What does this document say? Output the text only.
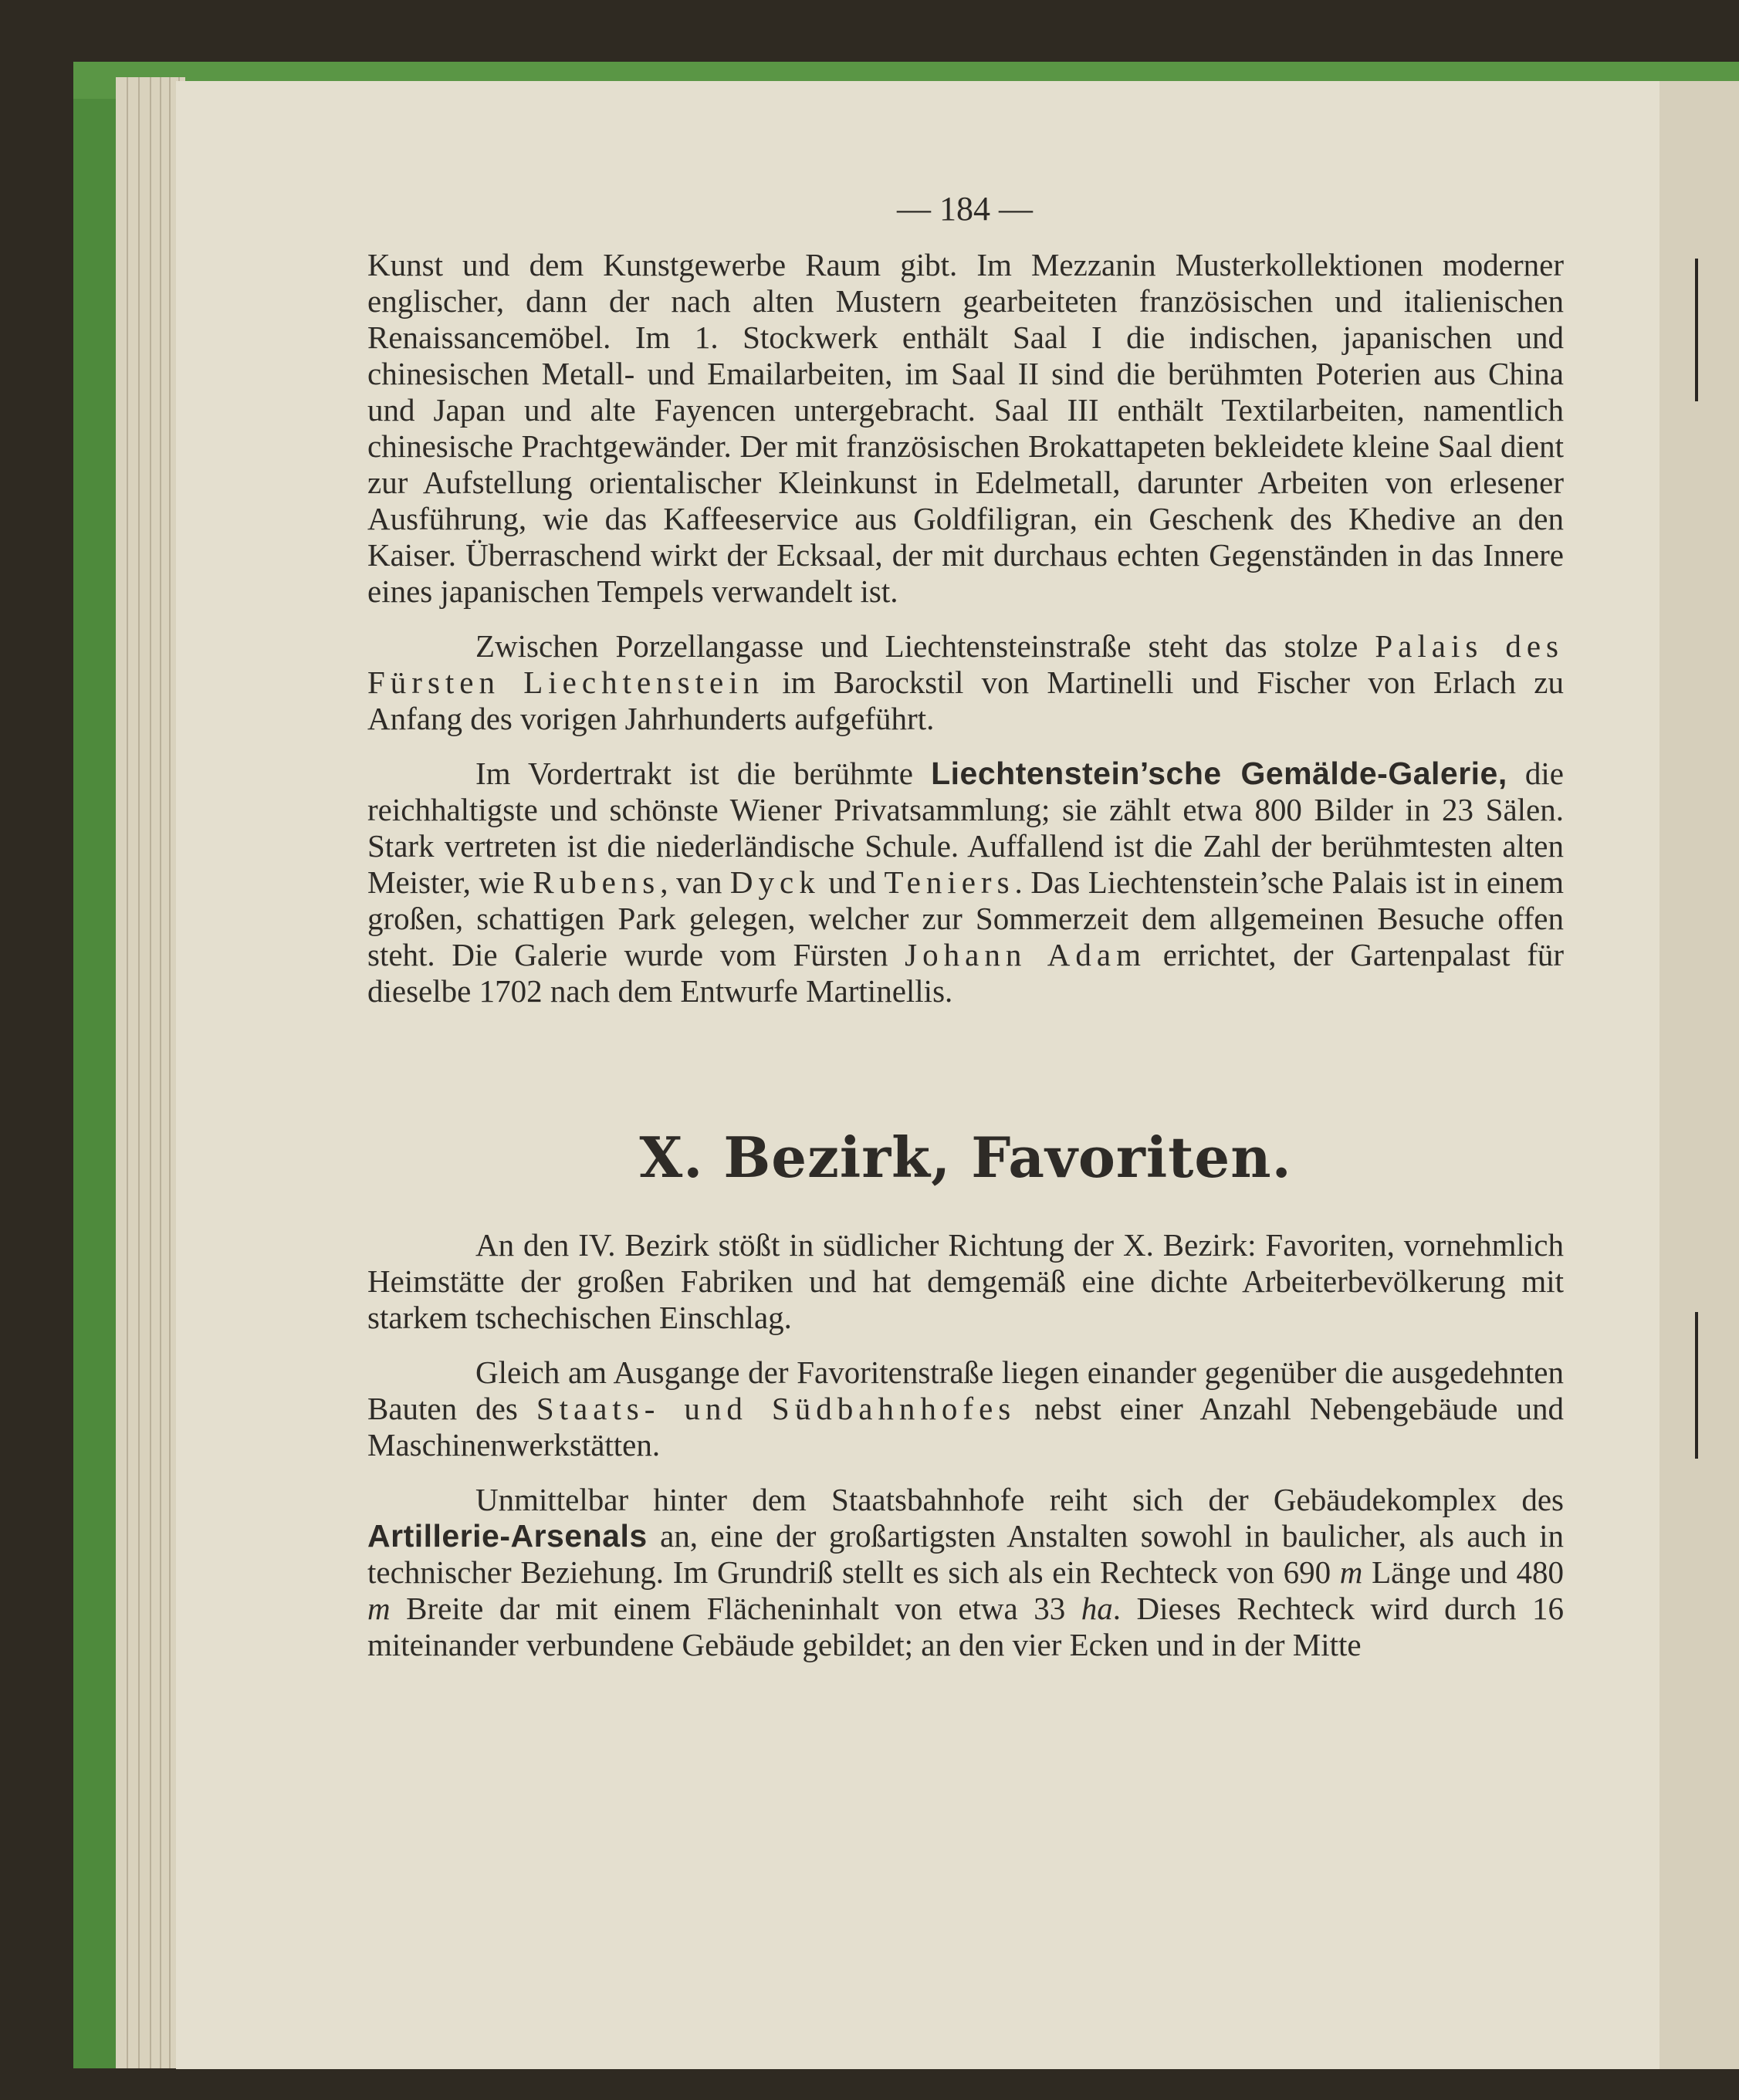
— 184 —

Kunst und dem Kunstgewerbe Raum gibt. Im Mezzanin Musterkollektionen moderner englischer, dann der nach alten Mustern gearbeiteten französischen und italienischen Renaissancemöbel. Im 1. Stockwerk enthält Saal I die indischen, japanischen und chinesischen Metall- und Emailarbeiten, im Saal II sind die berühmten Poterien aus China und Japan und alte Fayencen untergebracht. Saal III enthält Textilarbeiten, namentlich chinesische Prachtgewänder. Der mit französischen Brokattapeten bekleidete kleine Saal dient zur Aufstellung orientalischer Kleinkunst in Edelmetall, darunter Arbeiten von erlesener Ausführung, wie das Kaffeeservice aus Goldfiligran, ein Geschenk des Khedive an den Kaiser. Überraschend wirkt der Ecksaal, der mit durchaus echten Gegenständen in das Innere eines japanischen Tempels verwandelt ist.

Zwischen Porzellangasse und Liechtensteinstraße steht das stolze Palais des Fürsten Liechtenstein im Barockstil von Martinelli und Fischer von Erlach zu Anfang des vorigen Jahrhunderts aufgeführt.

Im Vordertrakt ist die berühmte Liechtenstein’sche Gemälde-Galerie, die reichhaltigste und schönste Wiener Privatsammlung; sie zählt etwa 800 Bilder in 23 Sälen. Stark vertreten ist die niederländische Schule. Auffallend ist die Zahl der berühmtesten alten Meister, wie Rubens, van Dyck und Teniers. Das Liechtenstein’sche Palais ist in einem großen, schattigen Park gelegen, welcher zur Sommerzeit dem allgemeinen Besuche offen steht. Die Galerie wurde vom Fürsten Johann Adam errichtet, der Gartenpalast für dieselbe 1702 nach dem Entwurfe Martinellis.

X. Bezirk, Favoriten.

An den IV. Bezirk stößt in südlicher Richtung der X. Bezirk: Favoriten, vornehmlich Heimstätte der großen Fabriken und hat demgemäß eine dichte Arbeiterbevölkerung mit starkem tschechischen Einschlag.

Gleich am Ausgange der Favoritenstraße liegen einander gegenüber die ausgedehnten Bauten des Staats- und Südbahnhofes nebst einer Anzahl Nebengebäude und Maschinenwerkstätten.

Unmittelbar hinter dem Staatsbahnhofe reiht sich der Gebäudekomplex des Artillerie-Arsenals an, eine der großartigsten Anstalten sowohl in baulicher, als auch in technischer Beziehung. Im Grundriß stellt es sich als ein Rechteck von 690 m Länge und 480 m Breite dar mit einem Flächeninhalt von etwa 33 ha. Dieses Rechteck wird durch 16 miteinander verbundene Gebäude gebildet; an den vier Ecken und in der Mitte
